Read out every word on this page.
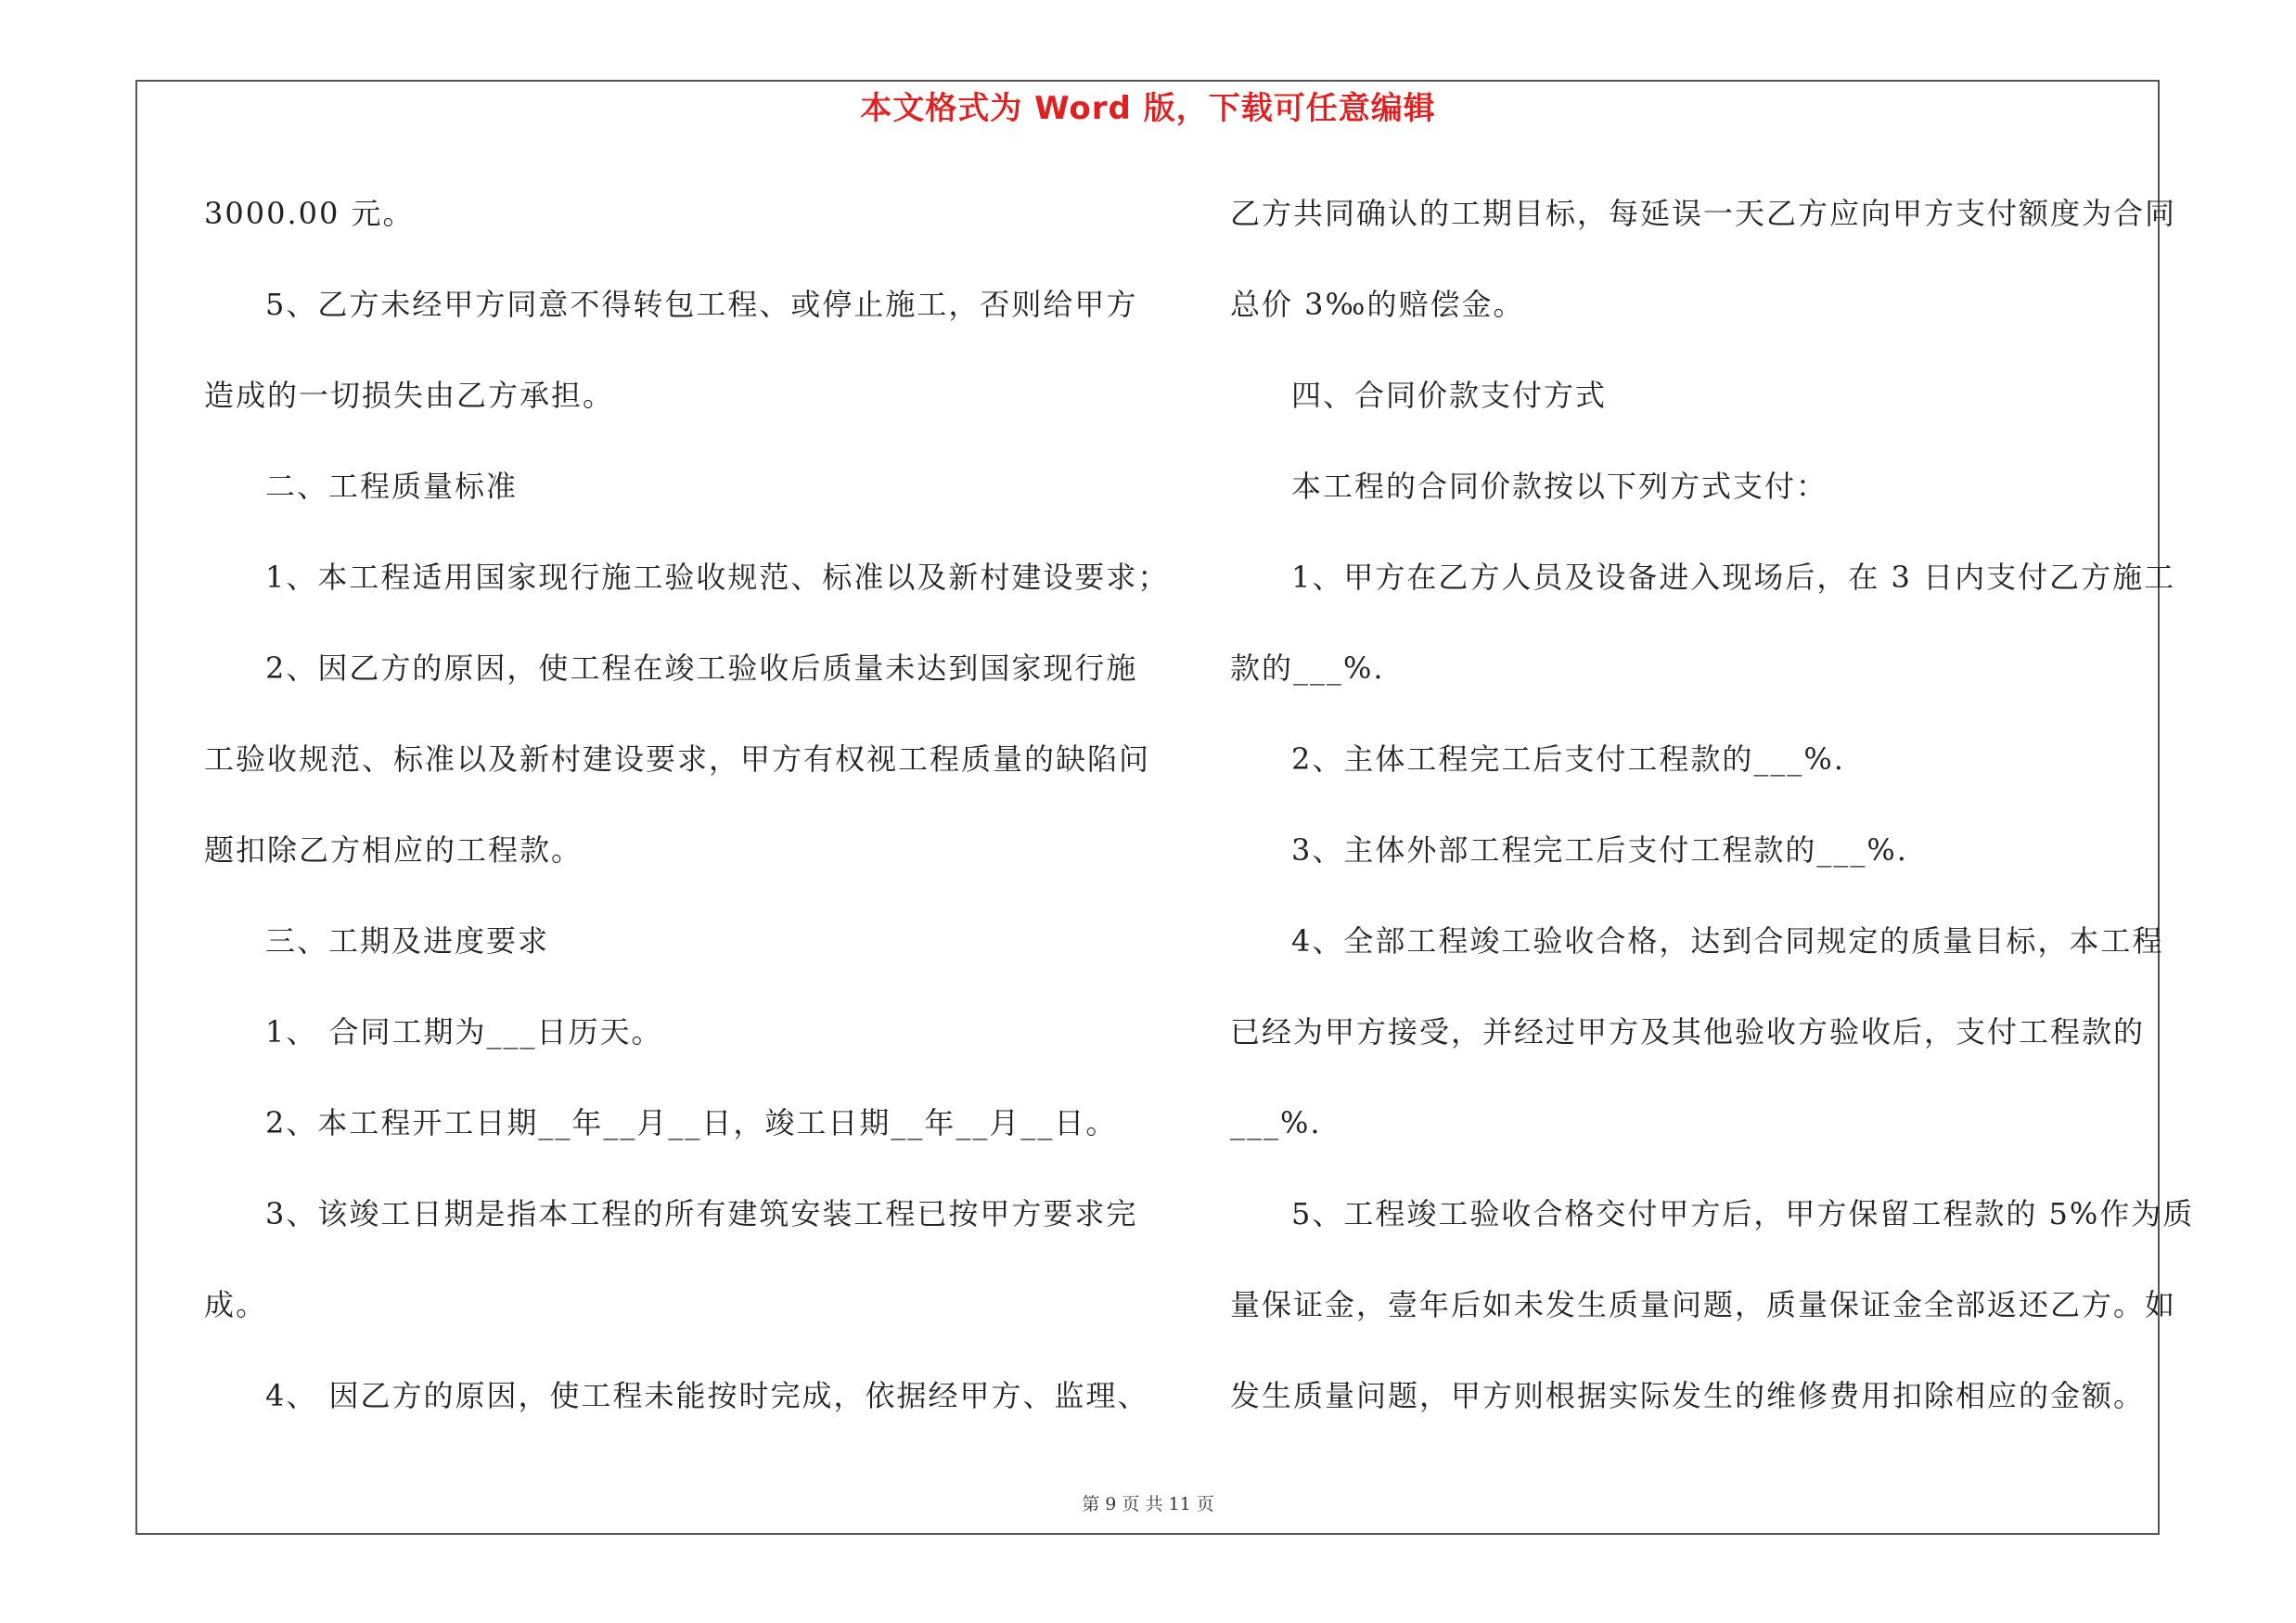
本文格式为 Word 版，下载可任意编辑
3000.00 元。
5、乙方未经甲方同意不得转包工程、或停止施工，否则给甲方
造成的一切损失由乙方承担。
二、工程质量标准
1、本工程适用国家现行施工验收规范、标准以及新村建设要求；
2、因乙方的原因，使工程在竣工验收后质量未达到国家现行施
工验收规范、标准以及新村建设要求，甲方有权视工程质量的缺陷问
题扣除乙方相应的工程款。
三、工期及进度要求
1、 合同工期为___日历天。
2、本工程开工日期__年__月__日，竣工日期__年__月__日。
3、该竣工日期是指本工程的所有建筑安装工程已按甲方要求完
成。
4、 因乙方的原因，使工程未能按时完成，依据经甲方、监理、
乙方共同确认的工期目标，每延误一天乙方应向甲方支付额度为合同
总价 3‰的赔偿金。
四、合同价款支付方式
本工程的合同价款按以下列方式支付：
1、甲方在乙方人员及设备进入现场后，在 3 日内支付乙方施工
款的___%.
2、主体工程完工后支付工程款的___%.
3、主体外部工程完工后支付工程款的___%.
4、全部工程竣工验收合格，达到合同规定的质量目标，本工程
已经为甲方接受，并经过甲方及其他验收方验收后，支付工程款的
___%.
5、工程竣工验收合格交付甲方后，甲方保留工程款的 5%作为质
量保证金，壹年后如未发生质量问题，质量保证金全部返还乙方。如
发生质量问题，甲方则根据实际发生的维修费用扣除相应的金额。
第 9 页 共 11 页
